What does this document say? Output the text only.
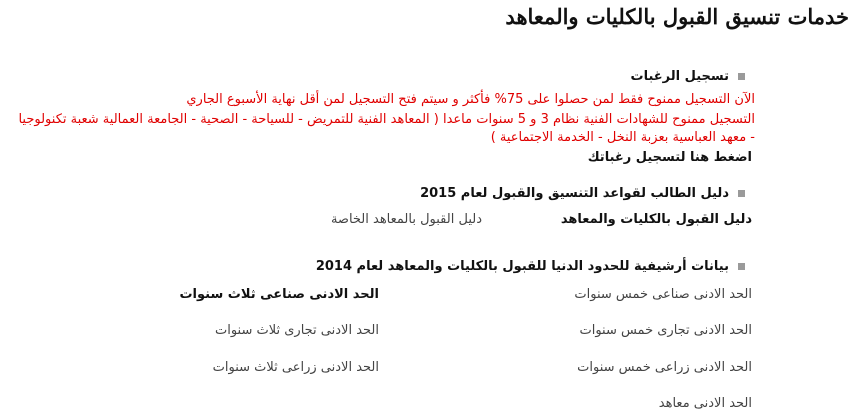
خدمات تنسيق القبول بالكليات والمعاهد
تسجيل الرغبات
الآن التسجيل ممنوح فقط لمن حصلوا على 75% فأكثر و سيتم فتح التسجيل لمن أقل نهاية الأسبوع الجاري
التسجيل ممنوح للشهادات الفنية نظام 3 و 5 سنوات ماعدا ( المعاهد الفنية للتمريض - للسياحة - الصحية - الجامعة العمالية شعبة تكنولوجيا - معهد العباسية بعزبة النخل - الخدمة الاجتماعية )
اضغط هنا لتسجيل رغباتك
دليل الطالب لقواعد التنسيق والقبول لعام 2015
دليل القبول بالكليات والمعاهد
دليل القبول بالمعاهد الخاصة
بيانات أرشيفية للحدود الدنيا للقبول بالكليات والمعاهد لعام 2014
الحد الادنى صناعى خمس سنوات
الحد الادنى صناعى ثلاث سنوات
الحد الادنى تجارى خمس سنوات
الحد الادنى تجارى ثلاث سنوات
الحد الادنى زراعى خمس سنوات
الحد الادنى زراعى ثلاث سنوات
الحد الادنى معاهد
